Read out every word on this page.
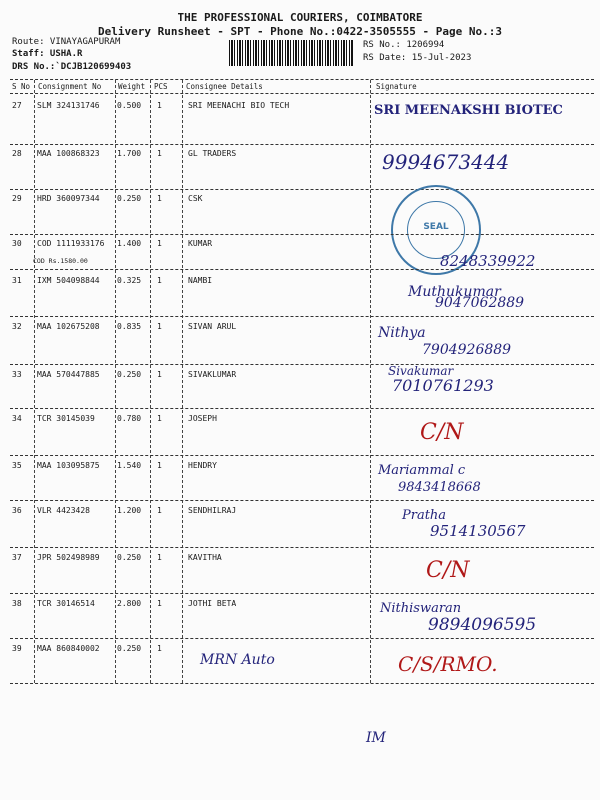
THE PROFESSIONAL COURIERS, COIMBATORE
Delivery Runsheet - SPT - Phone No.:0422-3505555 - Page No.:3
Route: VINAYAGAPURAM
Staff: USHA.R
DRS No.:`DCJB120699403
RS No.: 1206994
RS Date: 15-Jul-2023
S No Consignment No Weight PCS Consignee Details	Signature
27 SLM 324131746 0.500 1	SRI MEENACHI BIO TECH	SRI MEENAKSHI BIOTEC
28 MAA 100868323 1.700 1	GL TRADERS	9994673444
29 HRD 360097344 0.250 1	CSK
SEAL
30 COD 1111933176 1.400 1	KUMAR
COD Rs.1580.00	8248339922
31 IXM 504098844 0.325 1	NAMBI
Muthukumar
9047062889
32 MAA 102675208 0.835 1	SIVAN ARUL	Nithya
7904926889
33 MAA 570447885 0.250 1	SIVAKLUMAR	Sivakumar
7010761293
34 TCR 30145039	0.780 1	JOSEPH
C/N
35 MAA 103095875 1.540 1	HENDRY	Mariammal c
9843418668
36 VLR 4423428	1.200 1	SENDHILRAJ	Pratha
9514130567
37 JPR 502498989 0.250 1	KAVITHA
C/N
38 TCR 30146514	2.800 1	JOTHI BETA	Nithiswaran
9894096595
39 MAA 860840002 0.250 1
MRN Auto	C/S/RMO.
IM
